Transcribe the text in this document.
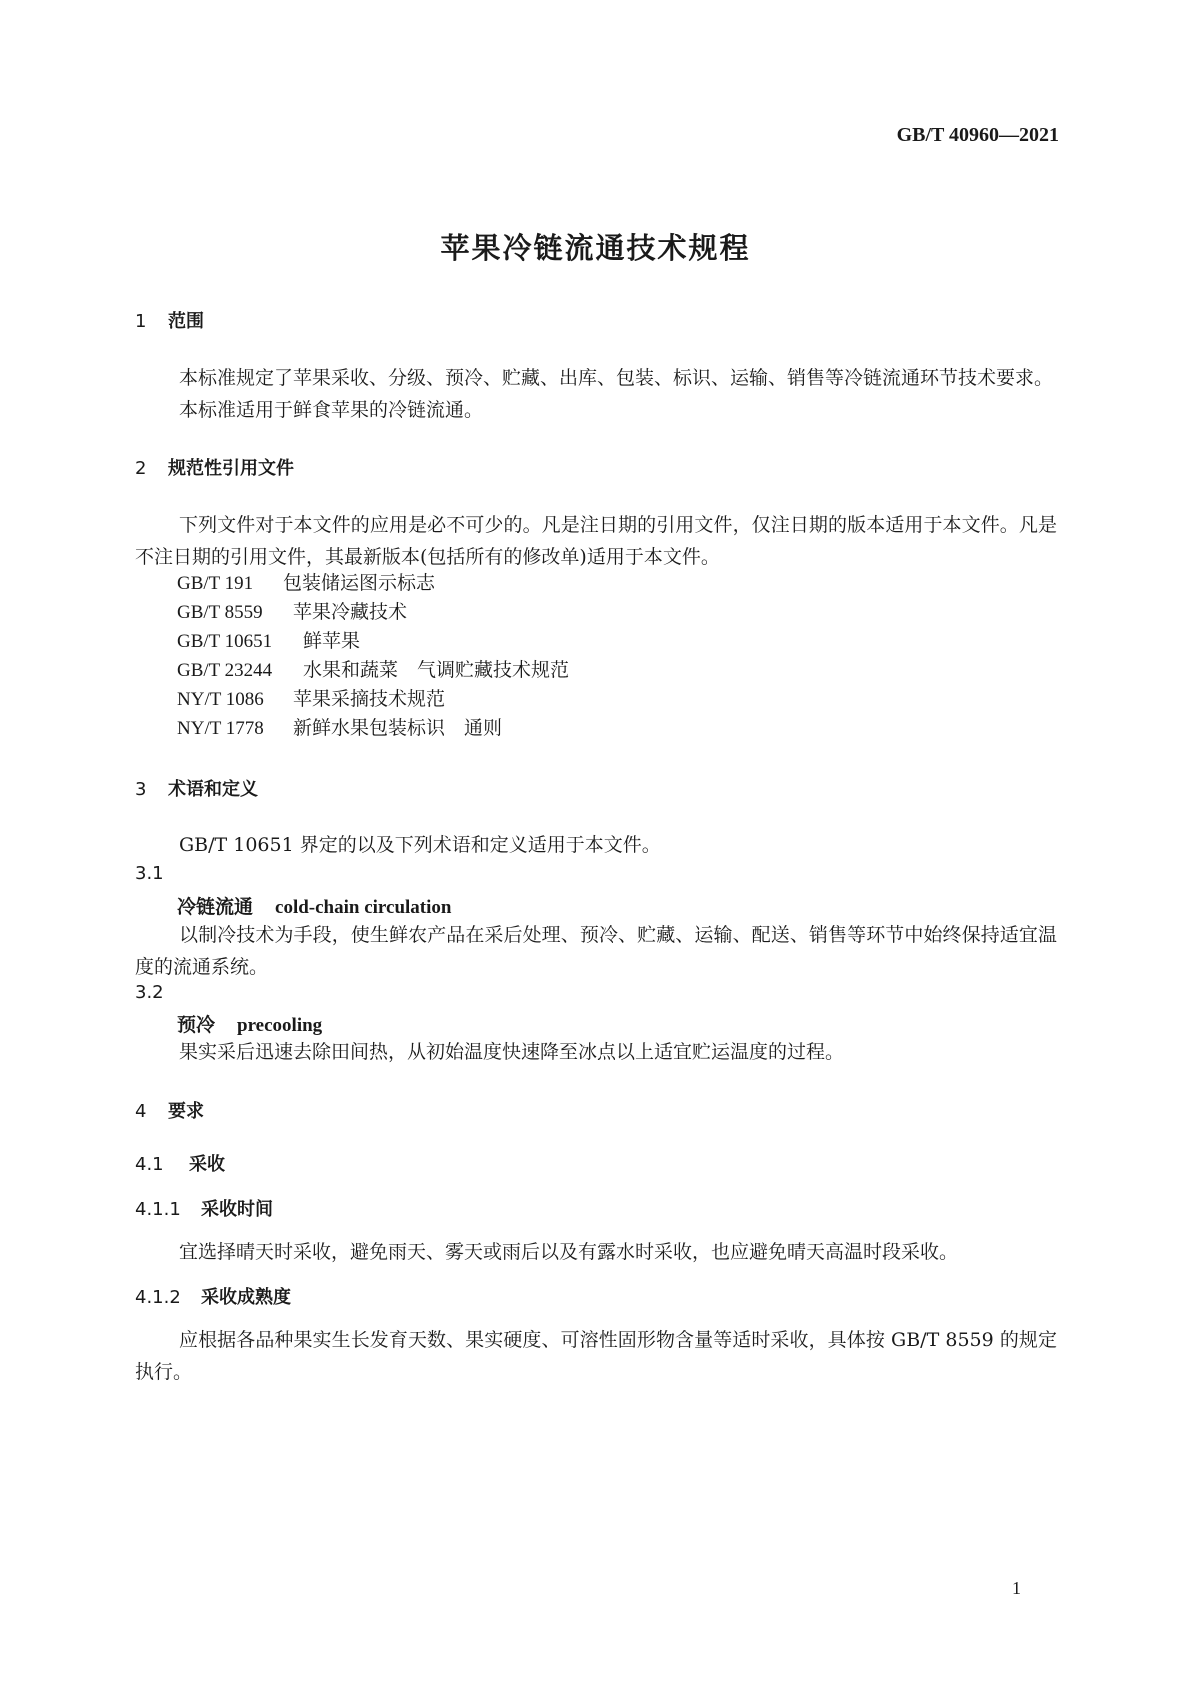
GB/T 40960—2021
苹果冷链流通技术规程
1 范围
本标准规定了苹果采收、分级、预冷、贮藏、出库、包装、标识、运输、销售等冷链流通环节技术要求。
本标准适用于鲜食苹果的冷链流通。
2 规范性引用文件
下列文件对于本文件的应用是必不可少的。凡是注日期的引用文件，仅注日期的版本适用于本文件。凡是不注日期的引用文件，其最新版本(包括所有的修改单)适用于本文件。
GB/T 191 包装储运图示标志
GB/T 8559 苹果冷藏技术
GB/T 10651 鲜苹果
GB/T 23244 水果和蔬菜　气调贮藏技术规范
NY/T 1086 苹果采摘技术规范
NY/T 1778 新鲜水果包装标识　通则
3 术语和定义
GB/T 10651 界定的以及下列术语和定义适用于本文件。
3.1
冷链流通 cold-chain circulation
以制冷技术为手段，使生鲜农产品在采后处理、预冷、贮藏、运输、配送、销售等环节中始终保持适宜温度的流通系统。
3.2
预冷 precooling
果实采后迅速去除田间热，从初始温度快速降至冰点以上适宜贮运温度的过程。
4 要求
4.1 采收
4.1.1 采收时间
宜选择晴天时采收，避免雨天、雾天或雨后以及有露水时采收，也应避免晴天高温时段采收。
4.1.2 采收成熟度
应根据各品种果实生长发育天数、果实硬度、可溶性固形物含量等适时采收，具体按 GB/T 8559 的规定执行。
1
